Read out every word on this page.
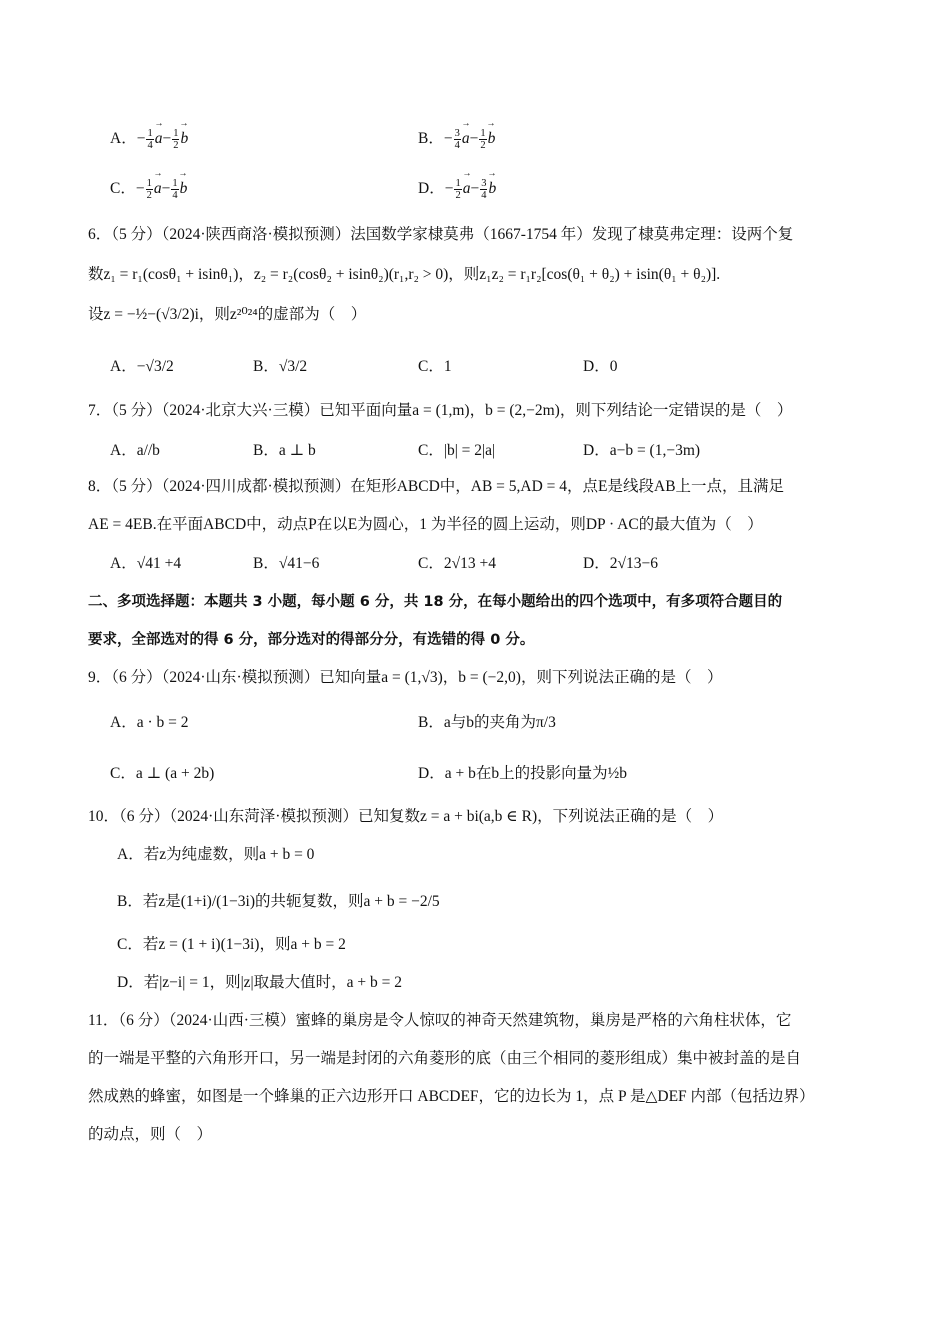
A．− $\frac{1}{4}$
→ $a- \frac{1}{2}$
→ b	B．− $\frac{3}{4}$
→ $a- \frac{1}{2}$
→ b
C．− $\frac{1}{2}$
→ $a- \frac{1}{4}$
→ b	D．− $\frac{1}{2}$
→ $a- \frac{3}{4}$
→ b
6．（5 分）（2024·陕西商洛·模拟预测）法国数学家棣莫弗（1667-1754 年）发现了棣莫弗定理：设两个复
数z₁ = r₁(cosθ₁ + isinθ₁)，z₂ = r₂(cosθ₂ + isinθ₂)(r₁,r₂ > 0)，则z₁z₂ = r₁r₂[cos(θ₁ + θ₂) + isin(θ₁ + θ₂)].
设z = −½−(√3/2)i，则z²⁰²⁴的虚部为（　）
A．−√3/2	B．√3/2	C．1	D．0
7．（5 分）（2024·北京大兴·三模）已知平面向量a = (1,m)，b = (2,−2m)，则下列结论一定错误的是（　）
A．a//b	B．a ⊥ b	C．|b| = 2|a|	D．a−b = (1,−3m)
8．（5 分）（2024·四川成都·模拟预测）在矩形ABCD中，AB = 5,AD = 4，点E是线段AB上一点，且满足
AE = 4EB.在平面ABCD中，动点P在以E为圆心，1 为半径的圆上运动，则DP · AC的最大值为（　）
A．√41 +4	B．√41−6	C．2√13 +4	D．2√13−6
二、多项选择题：本题共 3 小题，每小题 6 分，共 18 分，在每小题给出的四个选项中，有多项符合题目的
要求，全部选对的得 6 分，部分选对的得部分分，有选错的得 0 分。
9．（6 分）（2024·山东·模拟预测）已知向量a = (1,√3)，b = (−2,0)，则下列说法正确的是（　）
A．a · b = 2	B．a与b的夹角为π/3
C．a ⊥ (a + 2b)	D．a + b在b上的投影向量为½b
10．（6 分）（2024·山东菏泽·模拟预测）已知复数z = a + bi(a,b ∈ R)，下列说法正确的是（　）
A．若z为纯虚数，则a + b = 0
B．若z是(1+i)/(1−3i)的共轭复数，则a + b = −2/5
C．若z = (1 + i)(1−3i)，则a + b = 2
D．若|z−i| = 1，则|z|取最大值时，a + b = 2
11．（6 分）（2024·山西·三模）蜜蜂的巢房是令人惊叹的神奇天然建筑物，巢房是严格的六角柱状体，它
的一端是平整的六角形开口，另一端是封闭的六角菱形的底（由三个相同的菱形组成）集中被封盖的是自
然成熟的蜂蜜，如图是一个蜂巢的正六边形开口 ABCDEF，它的边长为 1，点 P 是△DEF 内部（包括边界）
的动点，则（　）
